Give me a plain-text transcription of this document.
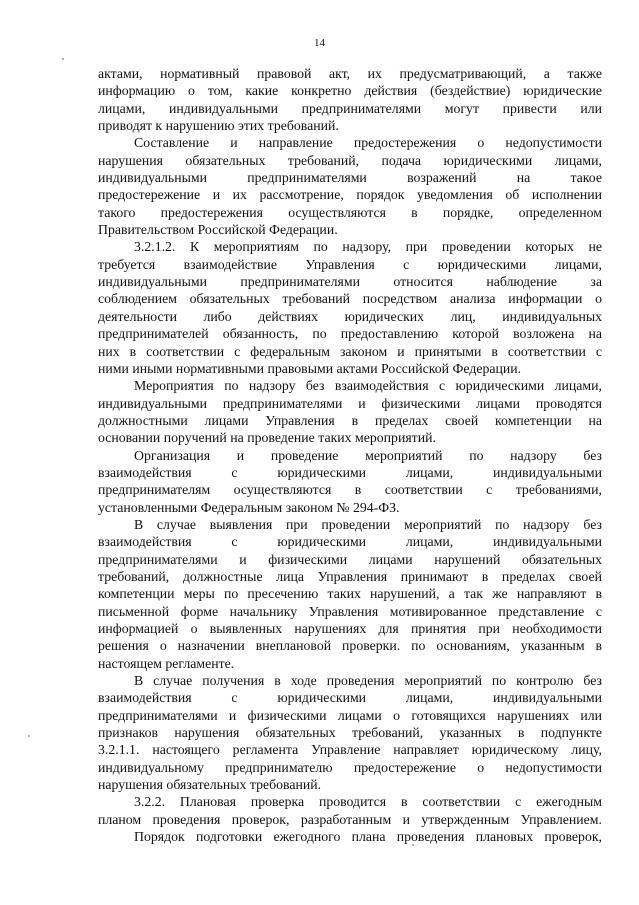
14
актами, нормативный правовой акт, их предусматривающий, а также
информацию о том, какие конкретно действия (бездействие) юридические
лицами, индивидуальными предпринимателями могут привести или
приводят к нарушению этих требований.
Составление и направление предостережения о недопустимости
нарушения обязательных требований, подача юридическими лицами,
индивидуальными предпринимателями возражений на такое
предостережение и их рассмотрение, порядок уведомления об исполнении
такого предостережения осуществляются в порядке, определенном
Правительством Российской Федерации.
3.2.1.2. К мероприятиям по надзору, при проведении которых не
требуется взаимодействие Управления с юридическими лицами,
индивидуальными предпринимателями относится наблюдение за
соблюдением обязательных требований посредством анализа информации о
деятельности либо действиях юридических лиц, индивидуальных
предпринимателей обязанность, по предоставлению которой возложена на
них в соответствии с федеральным законом и принятыми в соответствии с
ними иными нормативными правовыми актами Российской Федерации.
Мероприятия по надзору без взаимодействия с юридическими лицами,
индивидуальными предпринимателями и физическими лицами проводятся
должностными лицами Управления в пределах своей компетенции на
основании поручений на проведение таких мероприятий.
Организация и проведение мероприятий по надзору без
взаимодействия с юридическими лицами, индивидуальными
предпринимателям осуществляются в соответствии с требованиями,
установленными Федеральным законом № 294-ФЗ.
В случае выявления при проведении мероприятий по надзору без
взаимодействия с юридическими лицами, индивидуальными
предпринимателями и физическими лицами нарушений обязательных
требований, должностные лица Управления принимают в пределах своей
компетенции меры по пресечению таких нарушений, а так же направляют в
письменной форме начальнику Управления мотивированное представление с
информацией о выявленных нарушениях для принятия при необходимости
решения о назначении внеплановой проверки. по основаниям, указанным в
настоящем регламенте.
В случае получения в ходе проведения мероприятий по контролю без
взаимодействия с юридическими лицами, индивидуальными
предпринимателями и физическими лицами о готовящихся нарушениях или
признаков нарушения обязательных требований, указанных в подпункте
3.2.1.1. настоящего регламента Управление направляет юридическому лицу,
индивидуальному предпринимателю предостережение о недопустимости
нарушения обязательных требований.
3.2.2. Плановая проверка проводится в соответствии с ежегодным
планом проведения проверок, разработанным и утвержденным Управлением.
Порядок подготовки ежегодного плана проведения плановых проверок,
